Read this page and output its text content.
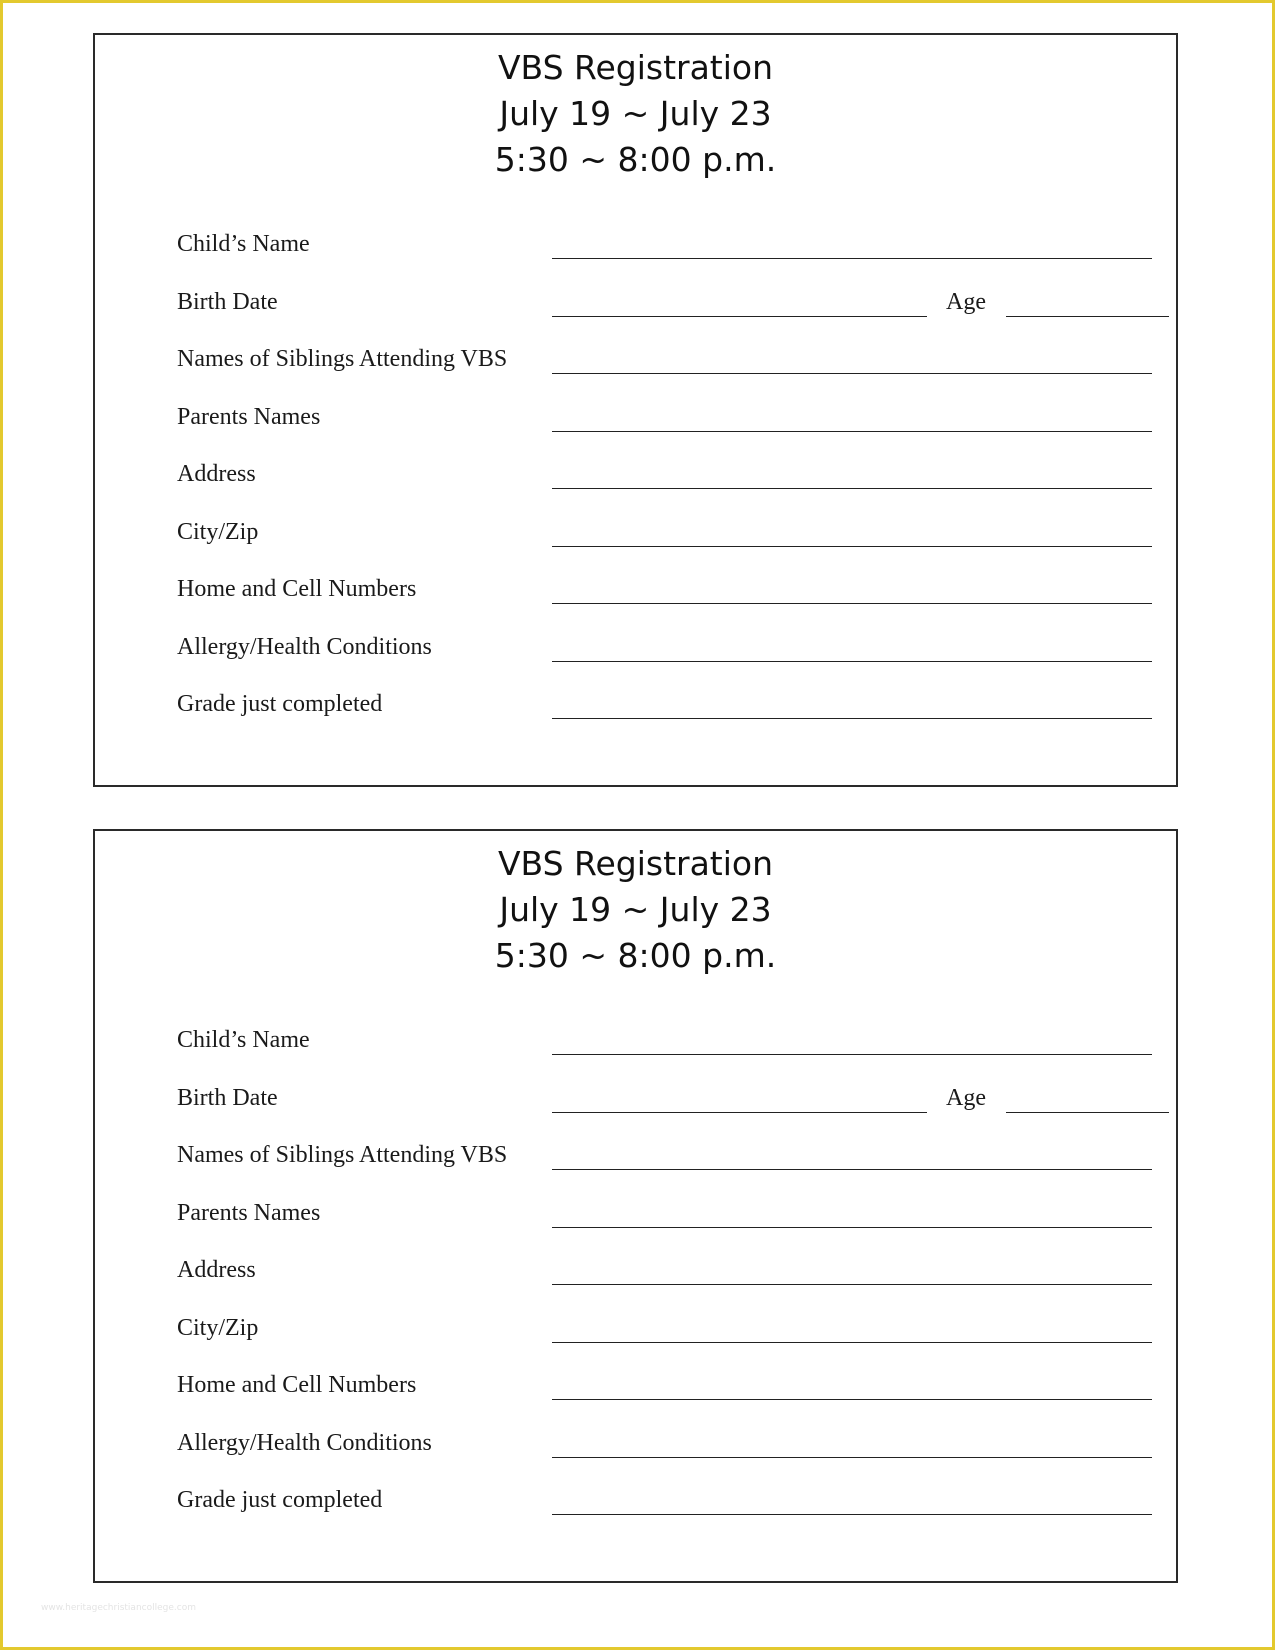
VBS Registration
July 19 ~ July 23
5:30 ~ 8:00 p.m.
Child’s Name
Birth Date	Age
Names of Siblings Attending VBS
Parents Names
Address
City/Zip
Home and Cell Numbers
Allergy/Health Conditions
Grade just completed
VBS Registration
July 19 ~ July 23
5:30 ~ 8:00 p.m.
Child’s Name
Birth Date	Age
Names of Siblings Attending VBS
Parents Names
Address
City/Zip
Home and Cell Numbers
Allergy/Health Conditions
Grade just completed
www.heritagechristiancollege.com
